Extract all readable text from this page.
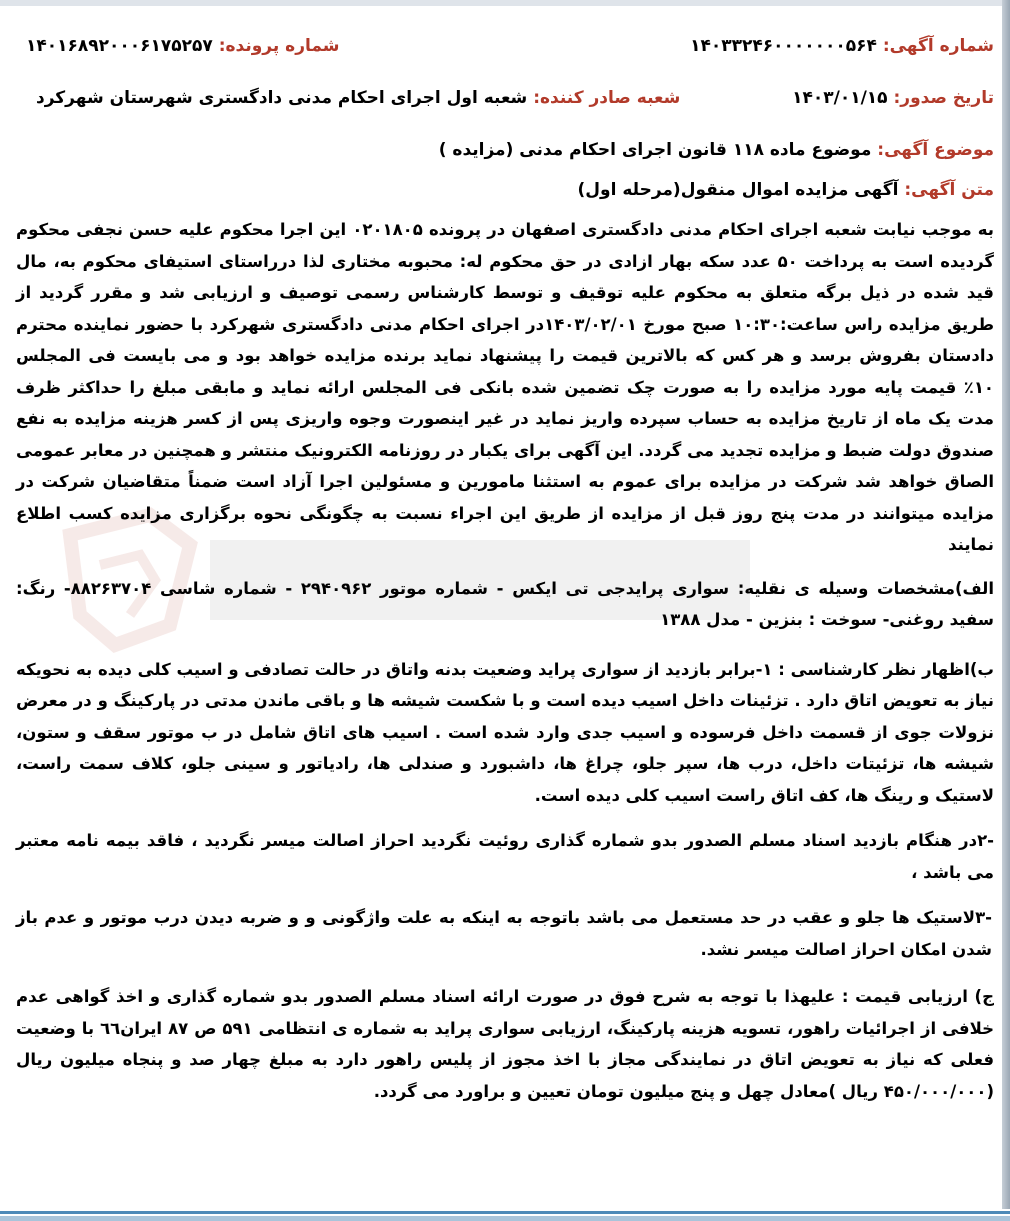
شماره آگهی: ۱۴۰۳۳۲۴۶۰۰۰۰۰۰۰۵۶۴
شماره پرونده: ۱۴۰۱۶۸۹۲۰۰۰۶۱۷۵۲۵۷
تاریخ صدور: ۱۴۰۳/۰۱/۱۵
شعبه صادر کننده: شعبه اول اجرای احکام مدنی دادگستری شهرستان شهرکرد
موضوع آگهی: موضوع ماده ۱۱۸ قانون اجرای احکام مدنی (مزایده )
متن آگهی: آگهی مزایده اموال منقول(مرحله اول)

به موجب نیابت شعبه اجرای احکام مدنی دادگستری اصفهان در پرونده ۰۲۰۱۸۰۵ این اجرا محکوم علیه حسن نجفی محکوم گردیده است به پرداخت ۵۰ عدد سکه بهار ازادی در حق محکوم له: محبوبه مختاری لذا درراستای استیفای محکوم به، مال قید شده در ذیل برگه متعلق به محکوم علیه توقیف و توسط کارشناس رسمی توصیف و ارزیابی شد و مقرر گردید از طریق مزایده راس ساعت:۱۰:۳۰ صبح مورخ ۱۴۰۳/۰۲/۰۱در اجرای احکام مدنی دادگستری شهرکرد با حضور نماینده محترم دادستان بفروش برسد و هر کس که بالاترین قیمت را پیشنهاد نماید برنده مزایده خواهد بود و می بایست فی المجلس ۱۰٪ قیمت پایه مورد مزایده را به صورت چک تضمین شده بانکی فی المجلس ارائه نماید و مابقی مبلغ را حداکثر ظرف مدت یک ماه از تاریخ مزایده به حساب سپرده واریز نماید در غیر اینصورت وجوه واریزی پس از کسر هزینه مزایده به نفع صندوق دولت ضبط و مزایده تجدید می گردد. این آگهی برای یکبار در روزنامه الکترونیک منتشر و همچنین در معابر عمومی الصاق خواهد شد شرکت در مزایده برای عموم به استثنا مامورین و مسئولین اجرا آزاد است ضمناً متقاضیان شرکت در مزایده میتوانند در مدت پنج روز قبل از مزایده از طریق این اجراء نسبت به چگونگی نحوه برگزاری مزایده کسب اطلاع نمایند

الف)مشخصات وسیله ی نقلیه: سواری پرایدجی تی ایکس - شماره موتور ۲۹۴۰۹۶۲ - شماره شاسی ۸۸۲۶۳۷۰۴- رنگ: سفید روغنی- سوخت : بنزین - مدل ۱۳۸۸

ب)اظهار نظر کارشناسی : ۱-برابر بازدید از سواری پراید وضعیت بدنه واتاق در حالت تصادفی و اسیب کلی دیده به نحویکه نیاز به تعویض اتاق دارد . تزئینات داخل اسیب دیده است و با شکست شیشه ها و باقی ماندن مدتی در پارکینگ و در معرض نزولات جوی از قسمت داخل فرسوده و اسیب جدی وارد شده است . اسیب های اتاق شامل در ب موتور سقف و ستون، شیشه ها، تزئیتات داخل، درب ها، سپر جلو، چراغ ها، داشبورد و صندلی ها، رادیاتور و سینی جلو، کلاف سمت راست، لاستیک و رینگ ها، کف اتاق راست اسیب کلی دیده است.

-۲در هنگام بازدید اسناد مسلم الصدور بدو شماره گذاری روئیت نگردید احراز اصالت میسر نگردید ، فاقد بیمه نامه معتبر می باشد ،

-۳لاستیک ها جلو و عقب در حد مستعمل می باشد باتوجه به اینکه به علت واژگونی و و ضربه دیدن درب موتور و عدم باز شدن امکان احراز اصالت میسر نشد.

ج) ارزیابی قیمت : علیهذا با توجه به شرح فوق در صورت ارائه اسناد مسلم الصدور بدو شماره گذاری و اخذ گواهی عدم خلافی از اجرائیات راهور، تسویه هزینه پارکینگ، ارزیابی سواری پراید به شماره ی انتظامی ۵۹۱ ص ۸۷ ایران٦٦ با وضعیت فعلی که نیاز به تعویض اتاق در نمایندگی مجاز با اخذ مجوز از پلیس راهور دارد به مبلغ چهار صد و پنجاه میلیون ریال (۴۵۰/۰۰۰/۰۰۰ ریال )معادل چهل و پنج میلیون تومان تعیین و براورد می گردد.
